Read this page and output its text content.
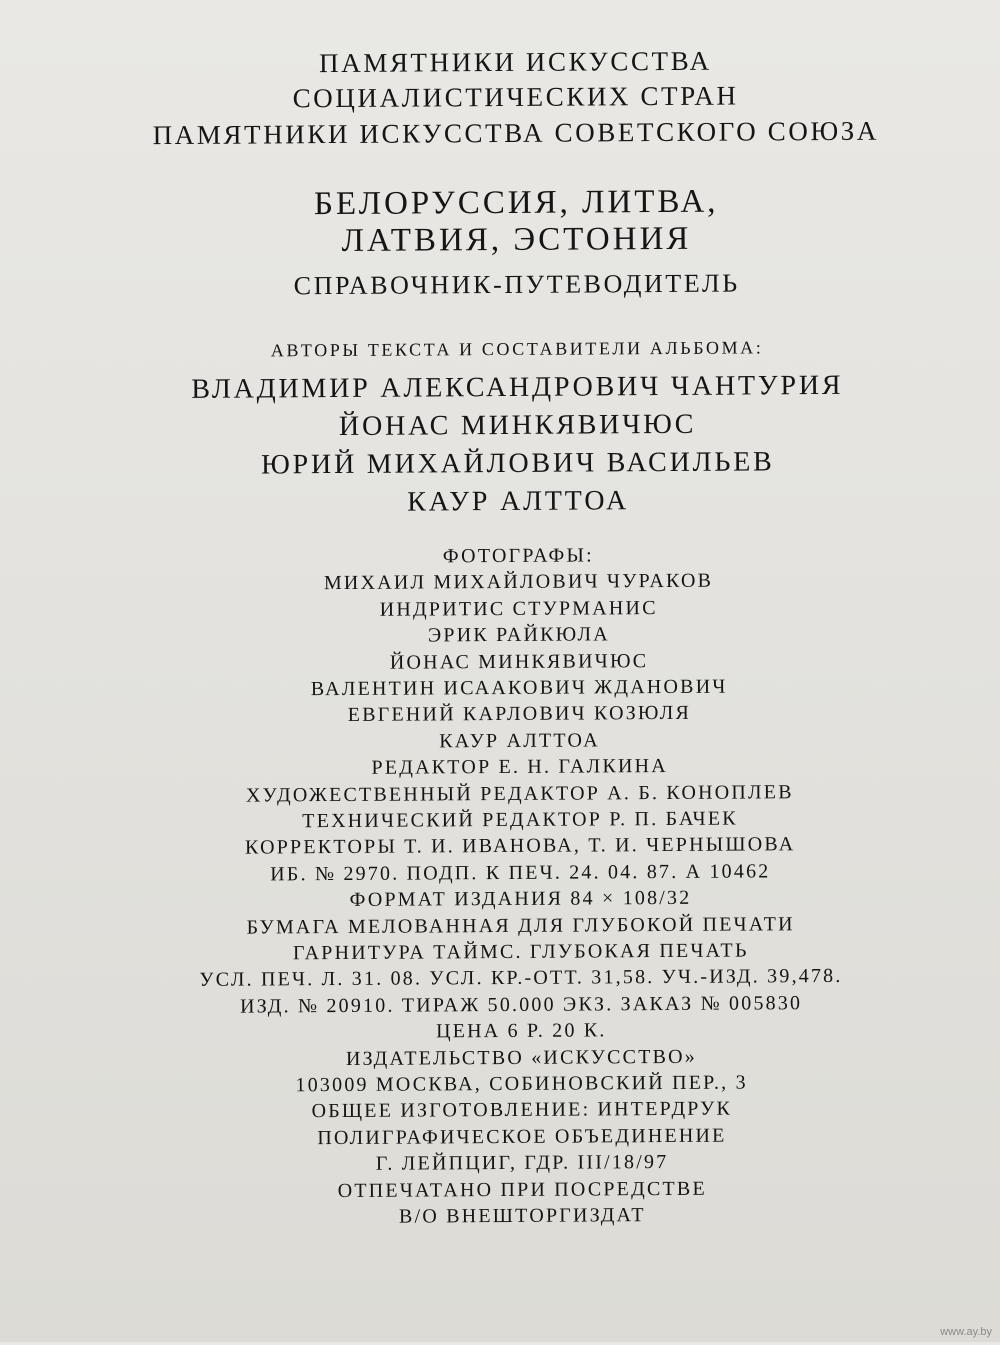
ПАМЯТНИКИ ИСКУССТВА
СОЦИАЛИСТИЧЕСКИХ СТРАН
ПАМЯТНИКИ ИСКУССТВА СОВЕТСКОГО СОЮЗА
БЕЛОРУССИЯ, ЛИТВА,
ЛАТВИЯ, ЭСТОНИЯ
СПРАВОЧНИК-ПУТЕВОДИТЕЛЬ
АВТОРЫ ТЕКСТА И СОСТАВИТЕЛИ АЛЬБОМА:
ВЛАДИМИР АЛЕКСАНДРОВИЧ ЧАНТУРИЯ
ЙОНАС МИНКЯВИЧЮС
ЮРИЙ МИХАЙЛОВИЧ ВАСИЛЬЕВ
КАУР АЛТТОА
ФОТОГРАФЫ:
МИХАИЛ МИХАЙЛОВИЧ ЧУРАКОВ
ИНДРИТИС СТУРМАНИС
ЭРИК РАЙКЮЛА
ЙОНАС МИНКЯВИЧЮС
ВАЛЕНТИН ИСААКОВИЧ ЖДАНОВИЧ
ЕВГЕНИЙ КАРЛОВИЧ КОЗЮЛЯ
КАУР АЛТТОА
РЕДАКТОР Е. Н. ГАЛКИНА
ХУДОЖЕСТВЕННЫЙ РЕДАКТОР А. Б. КОНОПЛЕВ
ТЕХНИЧЕСКИЙ РЕДАКТОР Р. П. БАЧЕК
КОРРЕКТОРЫ Т. И. ИВАНОВА, Т. И. ЧЕРНЫШОВА
ИБ. № 2970. ПОДП. К ПЕЧ. 24. 04. 87. А 10462
ФОРМАТ ИЗДАНИЯ 84 × 108/32
БУМАГА МЕЛОВАННАЯ ДЛЯ ГЛУБОКОЙ ПЕЧАТИ
ГАРНИТУРА ТАЙМС. ГЛУБОКАЯ ПЕЧАТЬ
УСЛ. ПЕЧ. Л. 31. 08. УСЛ. КР.-ОТТ. 31,58. УЧ.-ИЗД. 39,478.
ИЗД. № 20910. ТИРАЖ 50.000 ЭКЗ. ЗАКАЗ № 005830
ЦЕНА 6 Р. 20 К.
ИЗДАТЕЛЬСТВО «ИСКУССТВО»
103009 МОСКВА, СОБИНОВСКИЙ ПЕР., 3
ОБЩЕЕ ИЗГОТОВЛЕНИЕ: ИНТЕРДРУК
ПОЛИГРАФИЧЕСКОЕ ОБЪЕДИНЕНИЕ
Г. ЛЕЙПЦИГ, ГДР. III/18/97
ОТПЕЧАТАНО ПРИ ПОСРЕДСТВЕ
В/О ВНЕШТОРГИЗДАТ
www.ay.by
